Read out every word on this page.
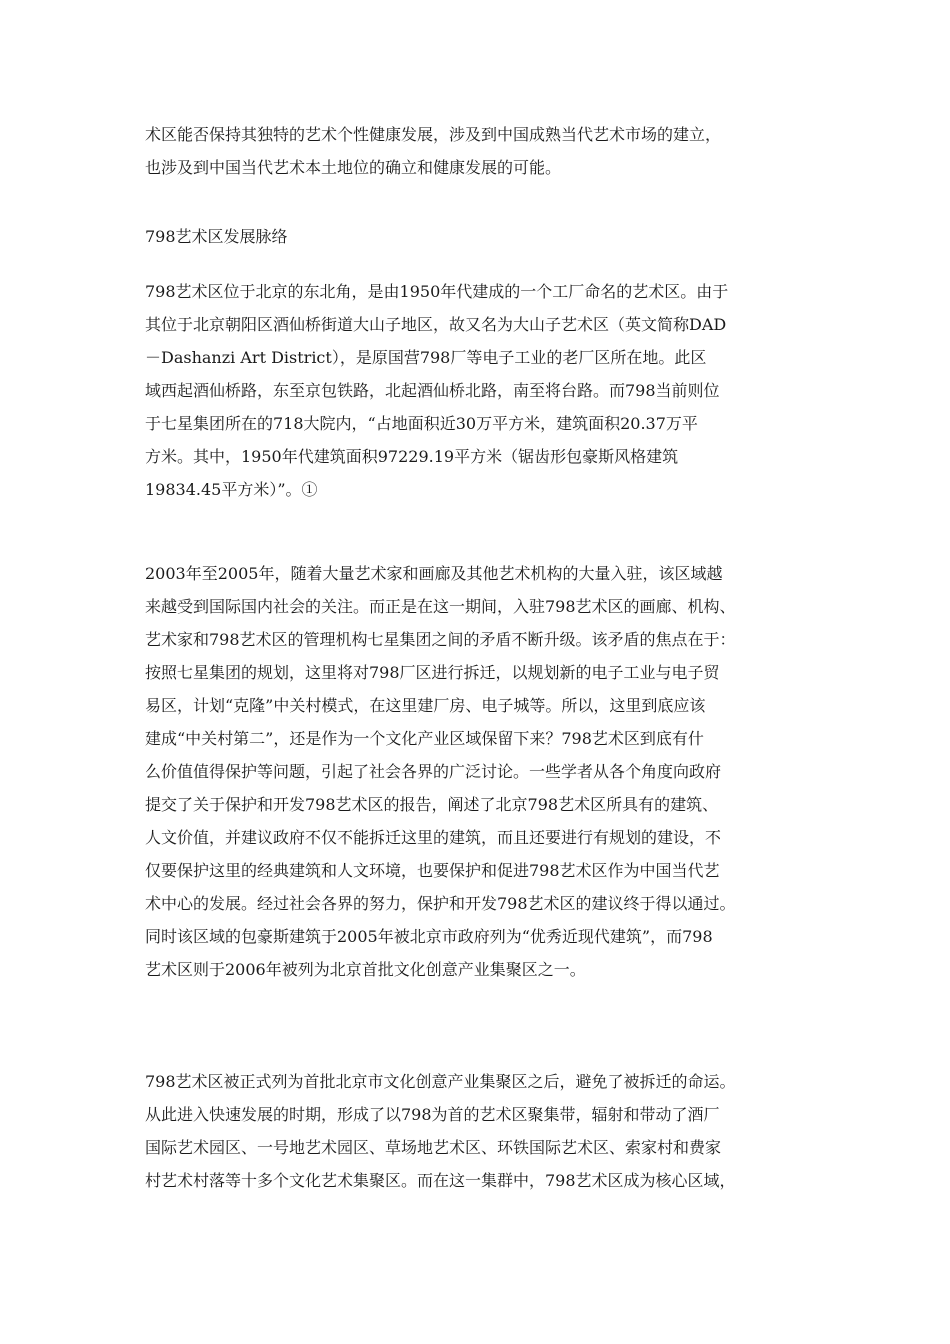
术区能否保持其独特的艺术个性健康发展，涉及到中国成熟当代艺术市场的建立，
也涉及到中国当代艺术本土地位的确立和健康发展的可能。
798艺术区发展脉络
798艺术区位于北京的东北角，是由1950年代建成的一个工厂命名的艺术区。由于
其位于北京朝阳区酒仙桥街道大山子地区，故又名为大山子艺术区（英文简称DAD
－Dashanzi Art District），是原国营798厂等电子工业的老厂区所在地。此区
域西起酒仙桥路，东至京包铁路，北起酒仙桥北路，南至将台路。而798当前则位
于七星集团所在的718大院内，“占地面积近30万平方米，建筑面积20.37万平
方米。其中，1950年代建筑面积97229.19平方米（锯齿形包豪斯风格建筑
19834.45平方米）”。①
2003年至2005年，随着大量艺术家和画廊及其他艺术机构的大量入驻，该区域越
来越受到国际国内社会的关注。而正是在这一期间，入驻798艺术区的画廊、机构、
艺术家和798艺术区的管理机构七星集团之间的矛盾不断升级。该矛盾的焦点在于：
按照七星集团的规划，这里将对798厂区进行拆迁，以规划新的电子工业与电子贸
易区，计划“克隆”中关村模式，在这里建厂房、电子城等。所以，这里到底应该
建成“中关村第二”，还是作为一个文化产业区域保留下来？798艺术区到底有什
么价值值得保护等问题，引起了社会各界的广泛讨论。一些学者从各个角度向政府
提交了关于保护和开发798艺术区的报告，阐述了北京798艺术区所具有的建筑、
人文价值，并建议政府不仅不能拆迁这里的建筑，而且还要进行有规划的建设，不
仅要保护这里的经典建筑和人文环境，也要保护和促进798艺术区作为中国当代艺
术中心的发展。经过社会各界的努力，保护和开发798艺术区的建议终于得以通过。
同时该区域的包豪斯建筑于2005年被北京市政府列为“优秀近现代建筑”，而798
艺术区则于2006年被列为北京首批文化创意产业集聚区之一。
798艺术区被正式列为首批北京市文化创意产业集聚区之后，避免了被拆迁的命运。
从此进入快速发展的时期，形成了以798为首的艺术区聚集带，辐射和带动了酒厂
国际艺术园区、一号地艺术园区、草场地艺术区、环铁国际艺术区、索家村和费家
村艺术村落等十多个文化艺术集聚区。而在这一集群中，798艺术区成为核心区域，
